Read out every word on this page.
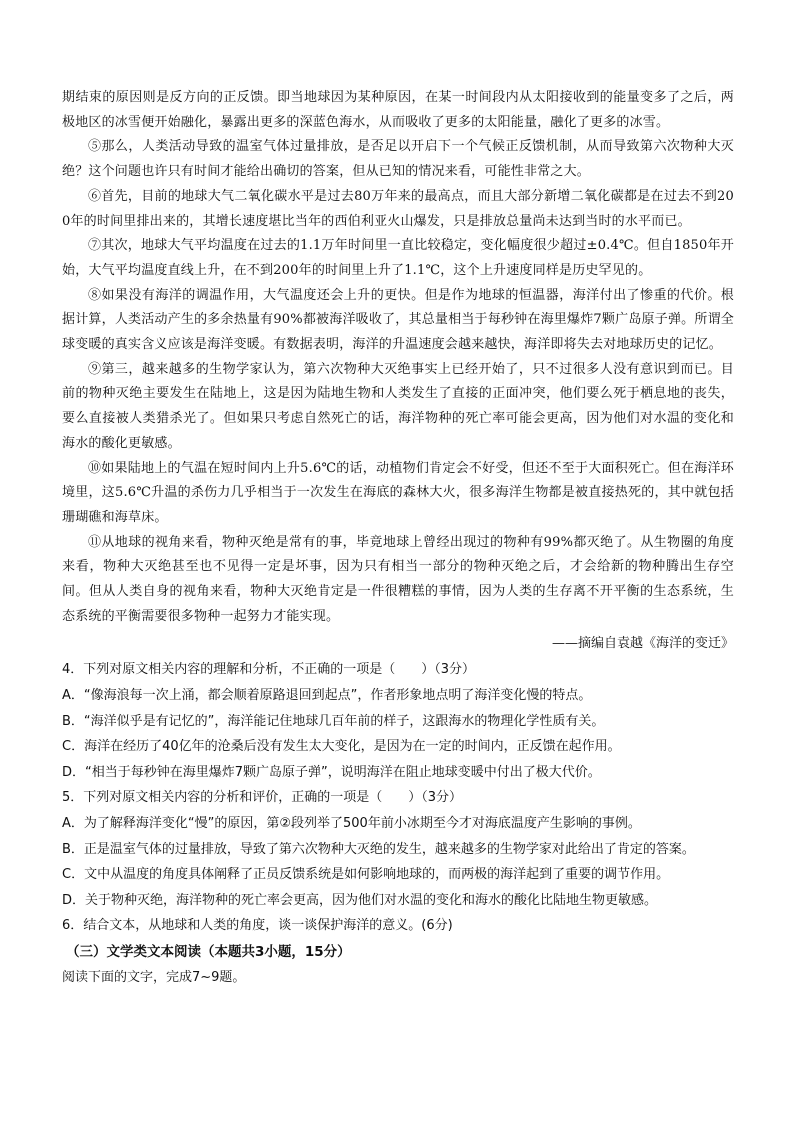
期结束的原因则是反方向的正反馈。即当地球因为某种原因，在某一时间段内从太阳接收到的能量变多了之后，两极地区的冰雪便开始融化，暴露出更多的深蓝色海水，从而吸收了更多的太阳能量，融化了更多的冰雪。

⑤那么，人类活动导致的温室气体过量排放，是否足以开启下一个气候正反馈机制，从而导致第六次物种大灭绝？这个问题也许只有时间才能给出确切的答案，但从已知的情况来看，可能性非常之大。

⑥首先，目前的地球大气二氧化碳水平是过去80万年来的最高点，而且大部分新增二氧化碳都是在过去不到200年的时间里排出来的，其增长速度堪比当年的西伯利亚火山爆发，只是排放总量尚未达到当时的水平而已。

⑦其次，地球大气平均温度在过去的1.1万年时间里一直比较稳定，变化幅度很少超过±0.4℃。但自1850年开始，大气平均温度直线上升，在不到200年的时间里上升了1.1℃，这个上升速度同样是历史罕见的。

⑧如果没有海洋的调温作用，大气温度还会上升的更快。但是作为地球的恒温器，海洋付出了惨重的代价。根据计算，人类活动产生的多余热量有90%都被海洋吸收了，其总量相当于每秒钟在海里爆炸7颗广岛原子弹。所谓全球变暖的真实含义应该是海洋变暖。有数据表明，海洋的升温速度会越来越快，海洋即将失去对地球历史的记忆。

⑨第三，越来越多的生物学家认为，第六次物种大灭绝事实上已经开始了，只不过很多人没有意识到而已。目前的物种灭绝主要发生在陆地上，这是因为陆地生物和人类发生了直接的正面冲突，他们要么死于栖息地的丧失，要么直接被人类猎杀光了。但如果只考虑自然死亡的话，海洋物种的死亡率可能会更高，因为他们对水温的变化和海水的酸化更敏感。

⑩如果陆地上的气温在短时间内上升5.6℃的话，动植物们肯定会不好受，但还不至于大面积死亡。但在海洋环境里，这5.6℃升温的杀伤力几乎相当于一次发生在海底的森林大火，很多海洋生物都是被直接热死的，其中就包括珊瑚礁和海草床。

⑪从地球的视角来看，物种灭绝是常有的事，毕竟地球上曾经出现过的物种有99%都灭绝了。从生物圈的角度来看，物种大灭绝甚至也不见得一定是坏事，因为只有相当一部分的物种灭绝之后，才会给新的物种腾出生存空间。但从人类自身的视角来看，物种大灭绝肯定是一件很糟糕的事情，因为人类的生存离不开平衡的生态系统，生态系统的平衡需要很多物种一起努力才能实现。

——摘编自袁越《海洋的变迁》

4．下列对原文相关内容的理解和分析，不正确的一项是（　　）（3分）

A．“像海浪每一次上涌，都会顺着原路退回到起点”，作者形象地点明了海洋变化慢的特点。

B．“海洋似乎是有记忆的”，海洋能记住地球几百年前的样子，这跟海水的物理化学性质有关。

C．海洋在经历了40亿年的沧桑后没有发生太大变化，是因为在一定的时间内，正反馈在起作用。

D．“相当于每秒钟在海里爆炸7颗广岛原子弹”，说明海洋在阻止地球变暖中付出了极大代价。

5．下列对原文相关内容的分析和评价，正确的一项是（　　）（3分）

A．为了解释海洋变化“慢”的原因，第②段列举了500年前小冰期至今才对海底温度产生影响的事例。

B．正是温室气体的过量排放，导致了第六次物种大灭绝的发生，越来越多的生物学家对此给出了肯定的答案。

C．文中从温度的角度具体阐释了正员反馈系统是如何影响地球的，而两极的海洋起到了重要的调节作用。

D．关于物种灭绝，海洋物种的死亡率会更高，因为他们对水温的变化和海水的酸化比陆地生物更敏感。

6．结合文本，从地球和人类的角度，谈一谈保护海洋的意义。(6分)

（三）文学类文本阅读（本题共3小题，15分）

阅读下面的文字，完成7~9题。
